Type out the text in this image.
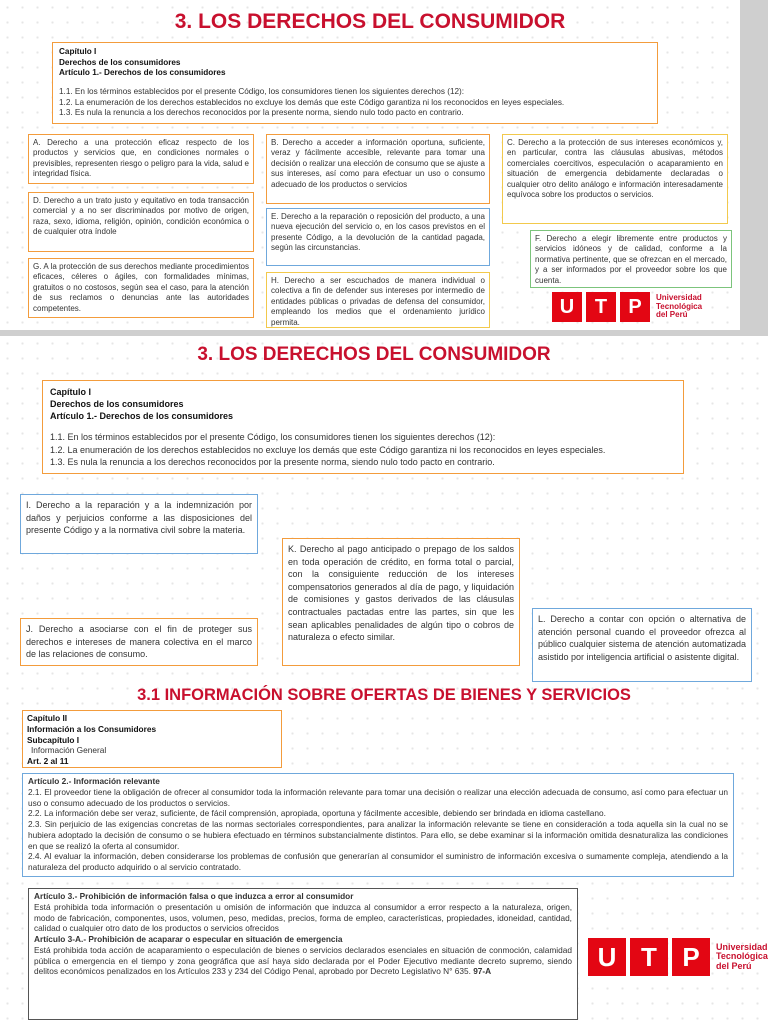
3. LOS DERECHOS DEL CONSUMIDOR
Capítulo I
Derechos de los consumidores
Artículo 1.- Derechos de los consumidores

1.1. En los términos establecidos por el presente Código, los consumidores tienen los siguientes derechos (12):

1.2. La enumeración de los derechos establecidos no excluye los demás que este Código garantiza ni los reconocidos en leyes especiales.

1.3. Es nula la renuncia a los derechos reconocidos por la presente norma, siendo nulo todo pacto en contrario.

A. Derecho a una protección eficaz respecto de los productos y servicios que, en condiciones normales o previsibles, representen riesgo o peligro para la vida, salud e integridad física.
D. Derecho a un trato justo y equitativo en toda transacción comercial y a no ser discriminados por motivo de origen, raza, sexo, idioma, religión, opinión, condición económica o de cualquier otra índole
G. A la protección de sus derechos mediante procedimientos eficaces, céleres o ágiles, con formalidades mínimas, gratuitos o no costosos, según sea el caso, para la atención de sus reclamos o denuncias ante las autoridades competentes.
B. Derecho a acceder a información oportuna, suficiente, veraz y fácilmente accesible, relevante para tomar una decisión o realizar una elección de consumo que se ajuste a sus intereses, así como para efectuar un uso o consumo adecuado de los productos o servicios
E. Derecho a la reparación o reposición del producto, a una nueva ejecución del servicio o, en los casos previstos en el presente Código, a la devolución de la cantidad pagada, según las circunstancias.
H. Derecho a ser escuchados de manera individual o colectiva a fin de defender sus intereses por intermedio de entidades públicas o privadas de defensa del consumidor, empleando los medios que el ordenamiento jurídico permita.
C. Derecho a la protección de sus intereses económicos y, en particular, contra las cláusulas abusivas, métodos comerciales coercitivos, especulación o acaparamiento en situación de emergencia debidamente declaradas o cualquier otro delito análogo e información interesadamente equívoca sobre los productos o servicios.
F. Derecho a elegir libremente entre productos y servicios idóneos y de calidad, conforme a la normativa pertinente, que se ofrezcan en el mercado, y a ser informados por el proveedor sobre los que cuenta.
U	T	P	Universidad
Tecnológica
del Perú
3. LOS DERECHOS DEL CONSUMIDOR
Capítulo I
Derechos de los consumidores
Artículo 1.- Derechos de los consumidores

1.1. En los términos establecidos por el presente Código, los consumidores tienen los siguientes derechos (12):

1.2. La enumeración de los derechos establecidos no excluye los demás que este Código garantiza ni los reconocidos en leyes especiales.

1.3. Es nula la renuncia a los derechos reconocidos por la presente norma, siendo nulo todo pacto en contrario.

I. Derecho a la reparación y a la indemnización por daños y perjuicios conforme a las disposiciones del presente Código y a la normativa civil sobre la materia.
K. Derecho al pago anticipado o prepago de los saldos en toda operación de crédito, en forma total o parcial, con la consiguiente reducción de los intereses compensatorios generados al día de pago, y liquidación de comisiones y gastos derivados de las cláusulas contractuales pactadas entre las partes, sin que les sean aplicables penalidades de algún tipo o cobros de naturaleza o efecto similar.
J. Derecho a asociarse con el fin de proteger sus derechos e intereses de manera colectiva en el marco de las relaciones de consumo.
L. Derecho a contar con opción o alternativa de atención personal cuando el proveedor ofrezca al público cualquier sistema de atención automatizada asistido por inteligencia artificial o asistente digital.
3.1 INFORMACIÓN SOBRE OFERTAS DE BIENES Y SERVICIOS
Capítulo II
Información a los Consumidores
Subcapítulo I

Información General

Art. 2 al 11
Artículo 2.- Información relevante

2.1. El proveedor tiene la obligación de ofrecer al consumidor toda la información relevante para tomar una decisión o realizar una elección adecuada de consumo, así como para efectuar un uso o consumo adecuado de los productos o servicios.

2.2. La información debe ser veraz, suficiente, de fácil comprensión, apropiada, oportuna y fácilmente accesible, debiendo ser brindada en idioma castellano.

2.3. Sin perjuicio de las exigencias concretas de las normas sectoriales correspondientes, para analizar la información relevante se tiene en consideración a toda aquella sin la cual no se hubiera adoptado la decisión de consumo o se hubiera efectuado en términos substancialmente distintos. Para ello, se debe examinar si la información omitida desnaturaliza las condiciones en que se realizó la oferta al consumidor.

2.4. Al evaluar la información, deben considerarse los problemas de confusión que generarían al consumidor el suministro de información excesiva o sumamente compleja, atendiendo a la naturaleza del producto adquirido o al servicio contratado.

Artículo 3.- Prohibición de información falsa o que induzca a error al consumidor

Está prohibida toda información o presentación u omisión de información que induzca al consumidor a error respecto a la naturaleza, origen, modo de fabricación, componentes, usos, volumen, peso, medidas, precios, forma de empleo, características, propiedades, idoneidad, cantidad, calidad o cualquier otro dato de los productos o servicios ofrecidos

Artículo 3-A.- Prohibición de acaparar o especular en situación de emergencia

Está prohibida toda acción de acaparamiento o especulación de bienes o servicios declarados esenciales en situación de conmoción, calamidad pública o emergencia en el tiempo y zona geográfica que así haya sido declarada por el Poder Ejecutivo mediante decreto supremo, siendo delitos económicos penalizados en los Artículos 233 y 234 del Código Penal, aprobado por Decreto Legislativo N° 635. 97-A	U T P	Universidad
Tecnológica
del Perú
